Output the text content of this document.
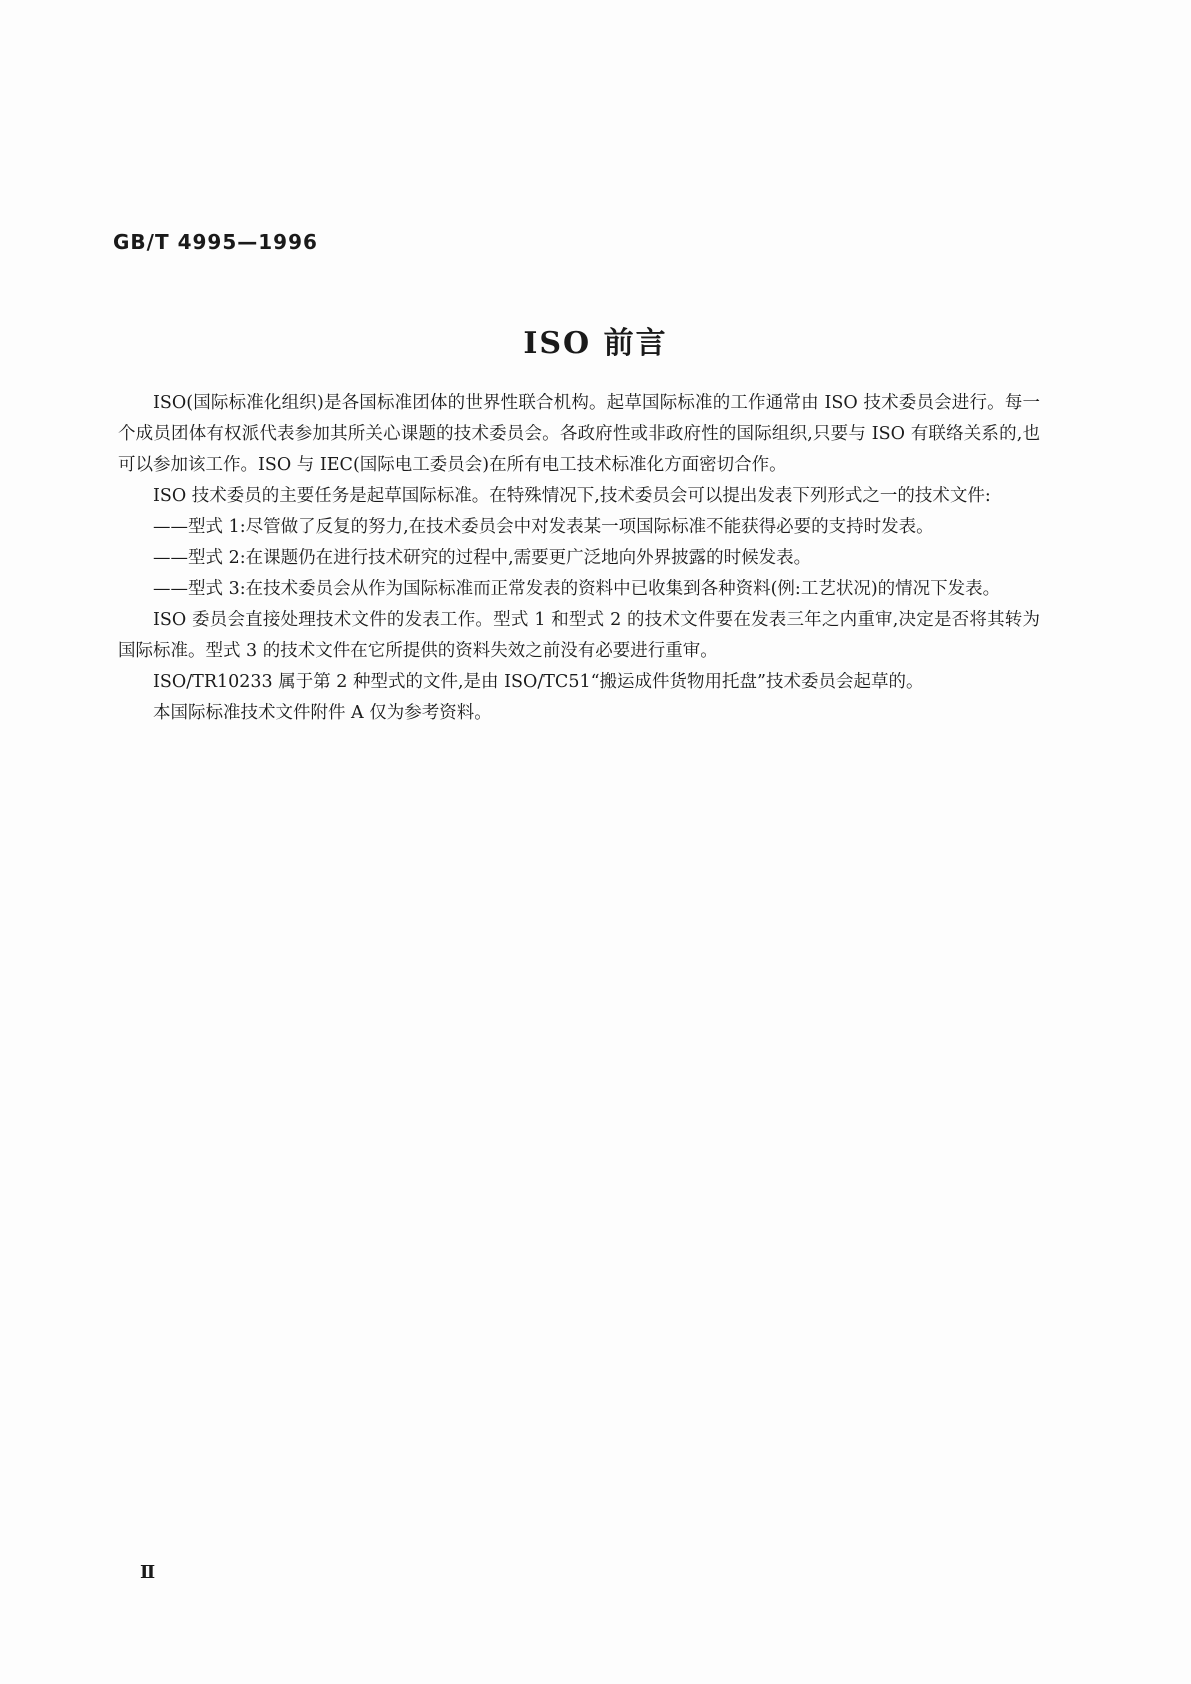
GB/T 4995—1996
ISO 前言

ISO(国际标准化组织)是各国标准团体的世界性联合机构。起草国际标准的工作通常由 ISO 技术委员会进行。每一个成员团体有权派代表参加其所关心课题的技术委员会。各政府性或非政府性的国际组织,只要与 ISO 有联络关系的,也可以参加该工作。ISO 与 IEC(国际电工委员会)在所有电工技术标准化方面密切合作。

ISO 技术委员的主要任务是起草国际标准。在特殊情况下,技术委员会可以提出发表下列形式之一的技术文件:

——型式 1:尽管做了反复的努力,在技术委员会中对发表某一项国际标准不能获得必要的支持时发表。

——型式 2:在课题仍在进行技术研究的过程中,需要更广泛地向外界披露的时候发表。

——型式 3:在技术委员会从作为国际标准而正常发表的资料中已收集到各种资料(例:工艺状况)的情况下发表。

ISO 委员会直接处理技术文件的发表工作。型式 1 和型式 2 的技术文件要在发表三年之内重审,决定是否将其转为国际标准。型式 3 的技术文件在它所提供的资料失效之前没有必要进行重审。

ISO/TR10233 属于第 2 种型式的文件,是由 ISO/TC51“搬运成件货物用托盘”技术委员会起草的。

本国际标准技术文件附件 A 仅为参考资料。

Ⅱ
